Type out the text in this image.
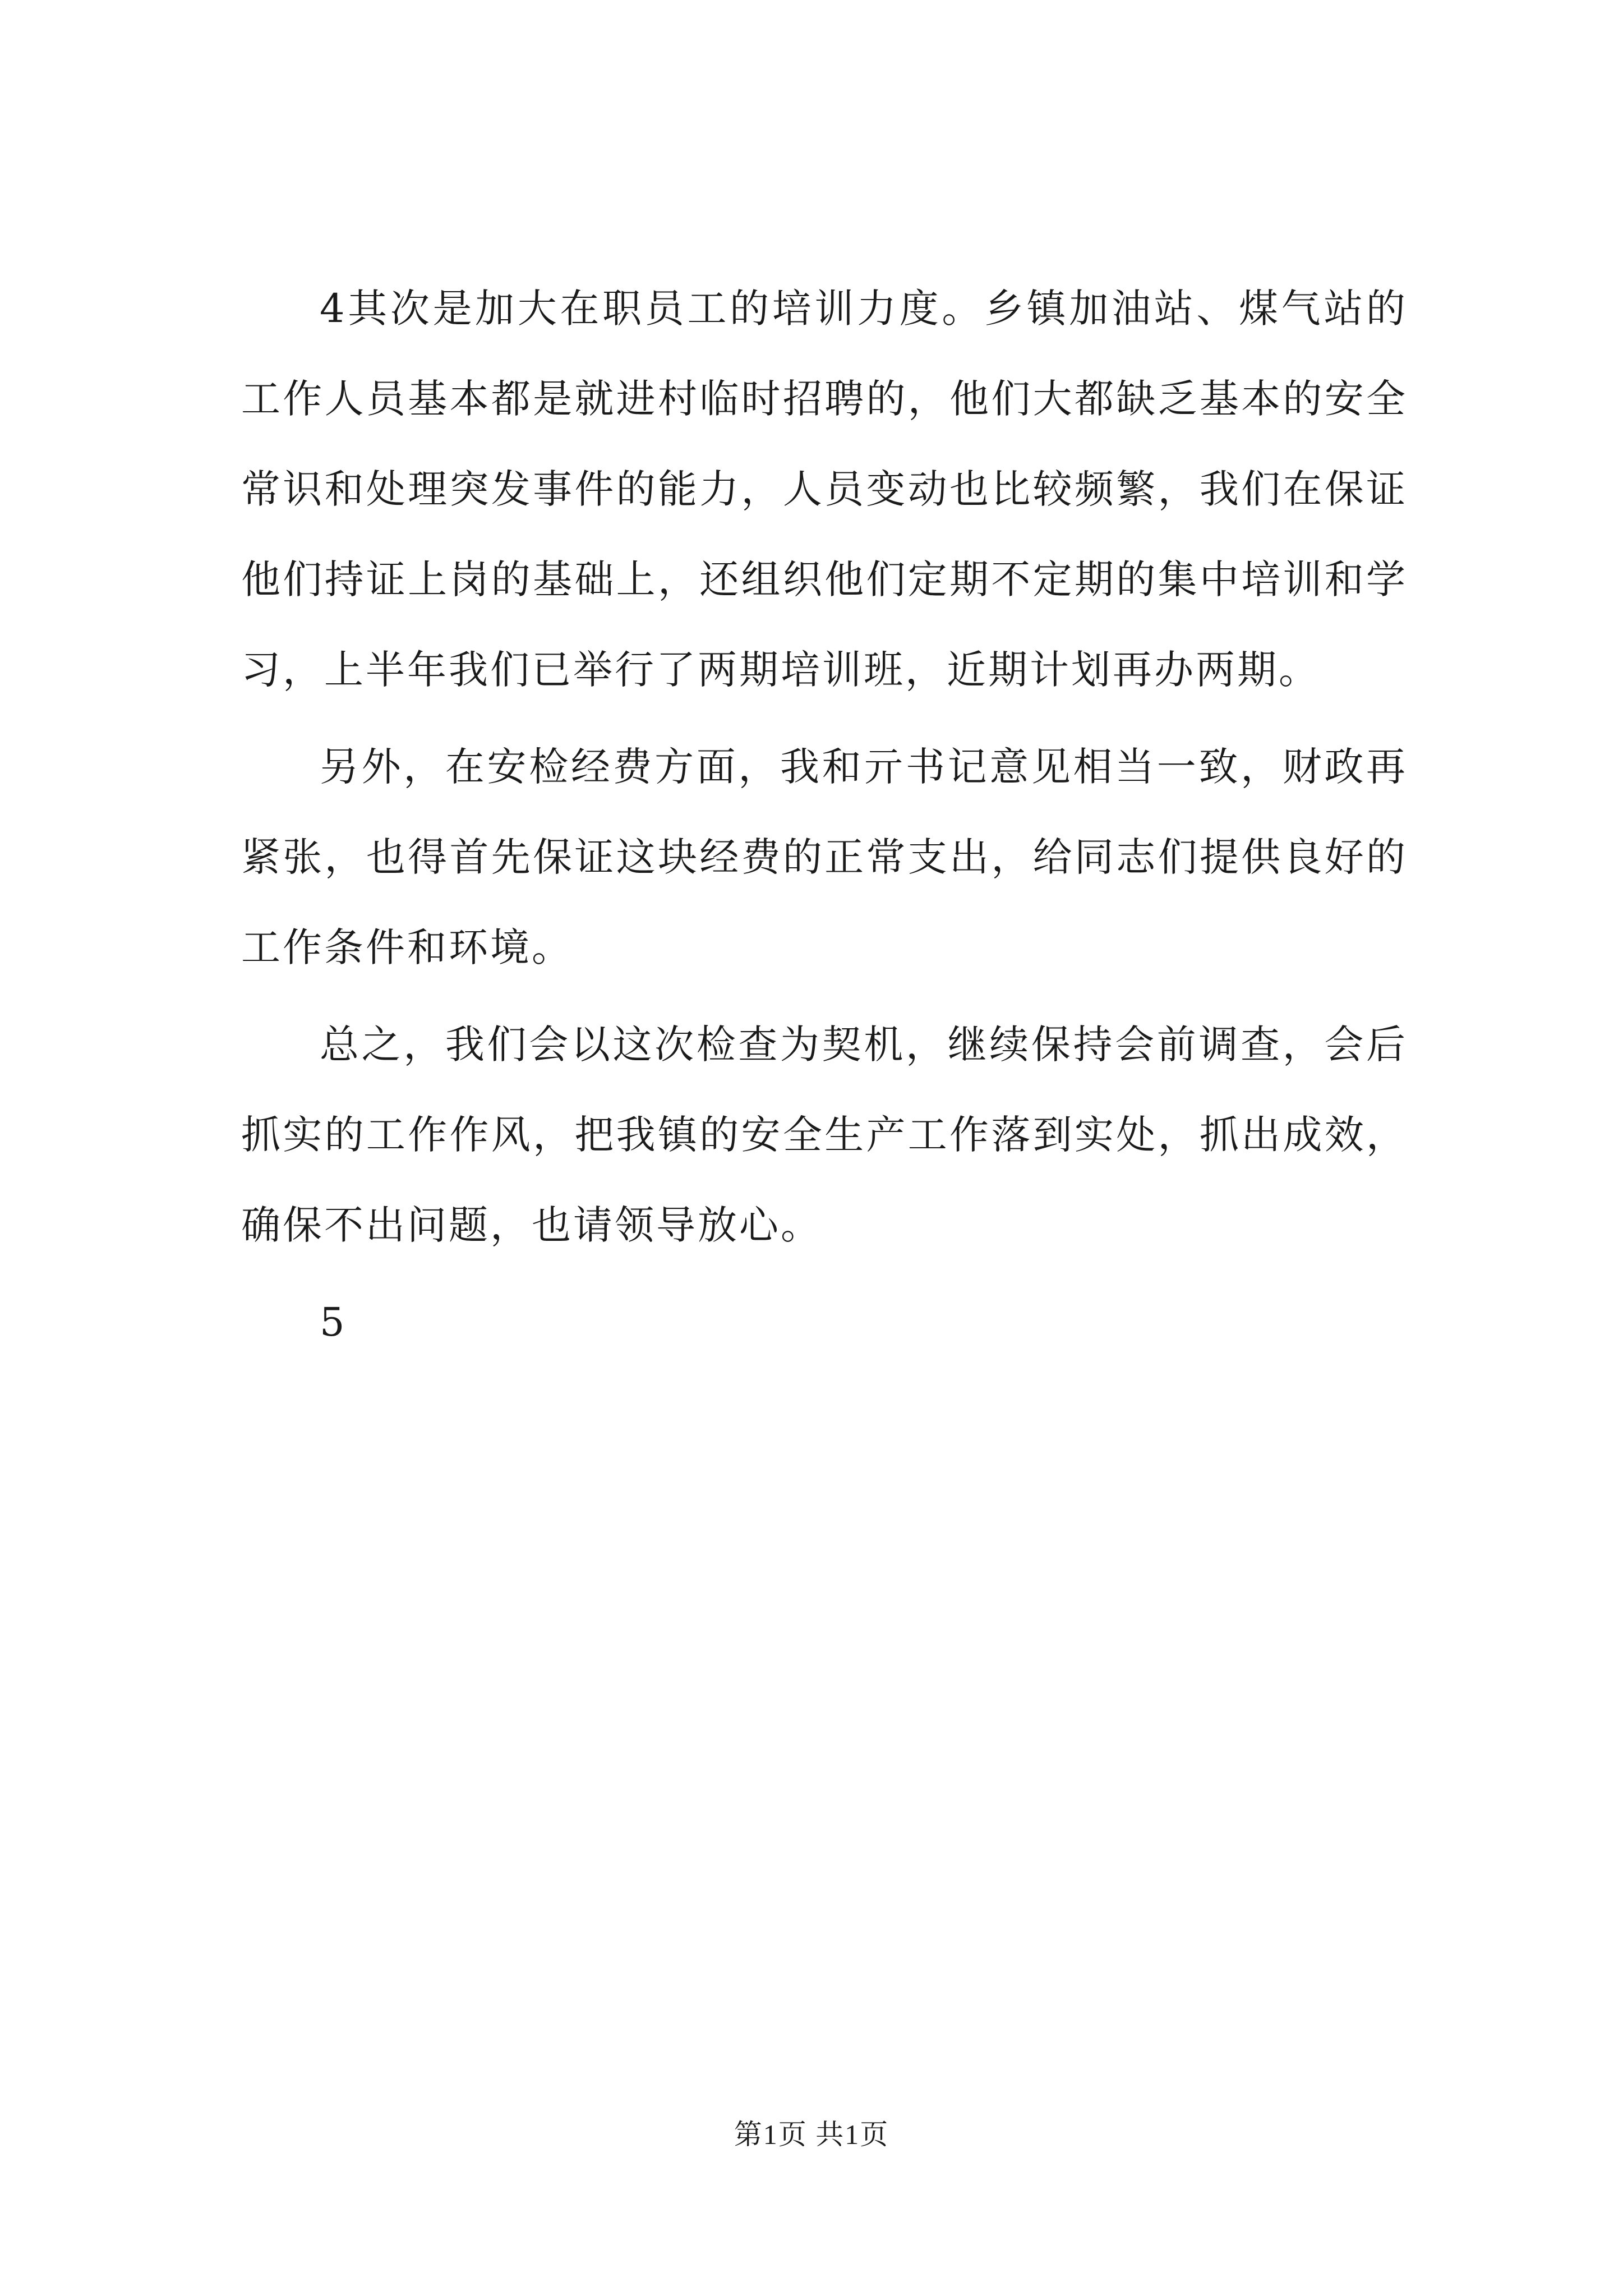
4其次是加大在职员工的培训力度。乡镇加油站、煤气站的工作人员基本都是就进村临时招聘的，他们大都缺乏基本的安全常识和处理突发事件的能力，人员变动也比较频繁，我们在保证他们持证上岗的基础上，还组织他们定期不定期的集中培训和学习，上半年我们已举行了两期培训班，近期计划再办两期。

另外，在安检经费方面，我和亓书记意见相当一致，财政再紧张，也得首先保证这块经费的正常支出，给同志们提供良好的工作条件和环境。

总之，我们会以这次检查为契机，继续保持会前调查，会后抓实的工作作风，把我镇的安全生产工作落到实处，抓出成效，确保不出问题，也请领导放心。

5

第1页 共1页
